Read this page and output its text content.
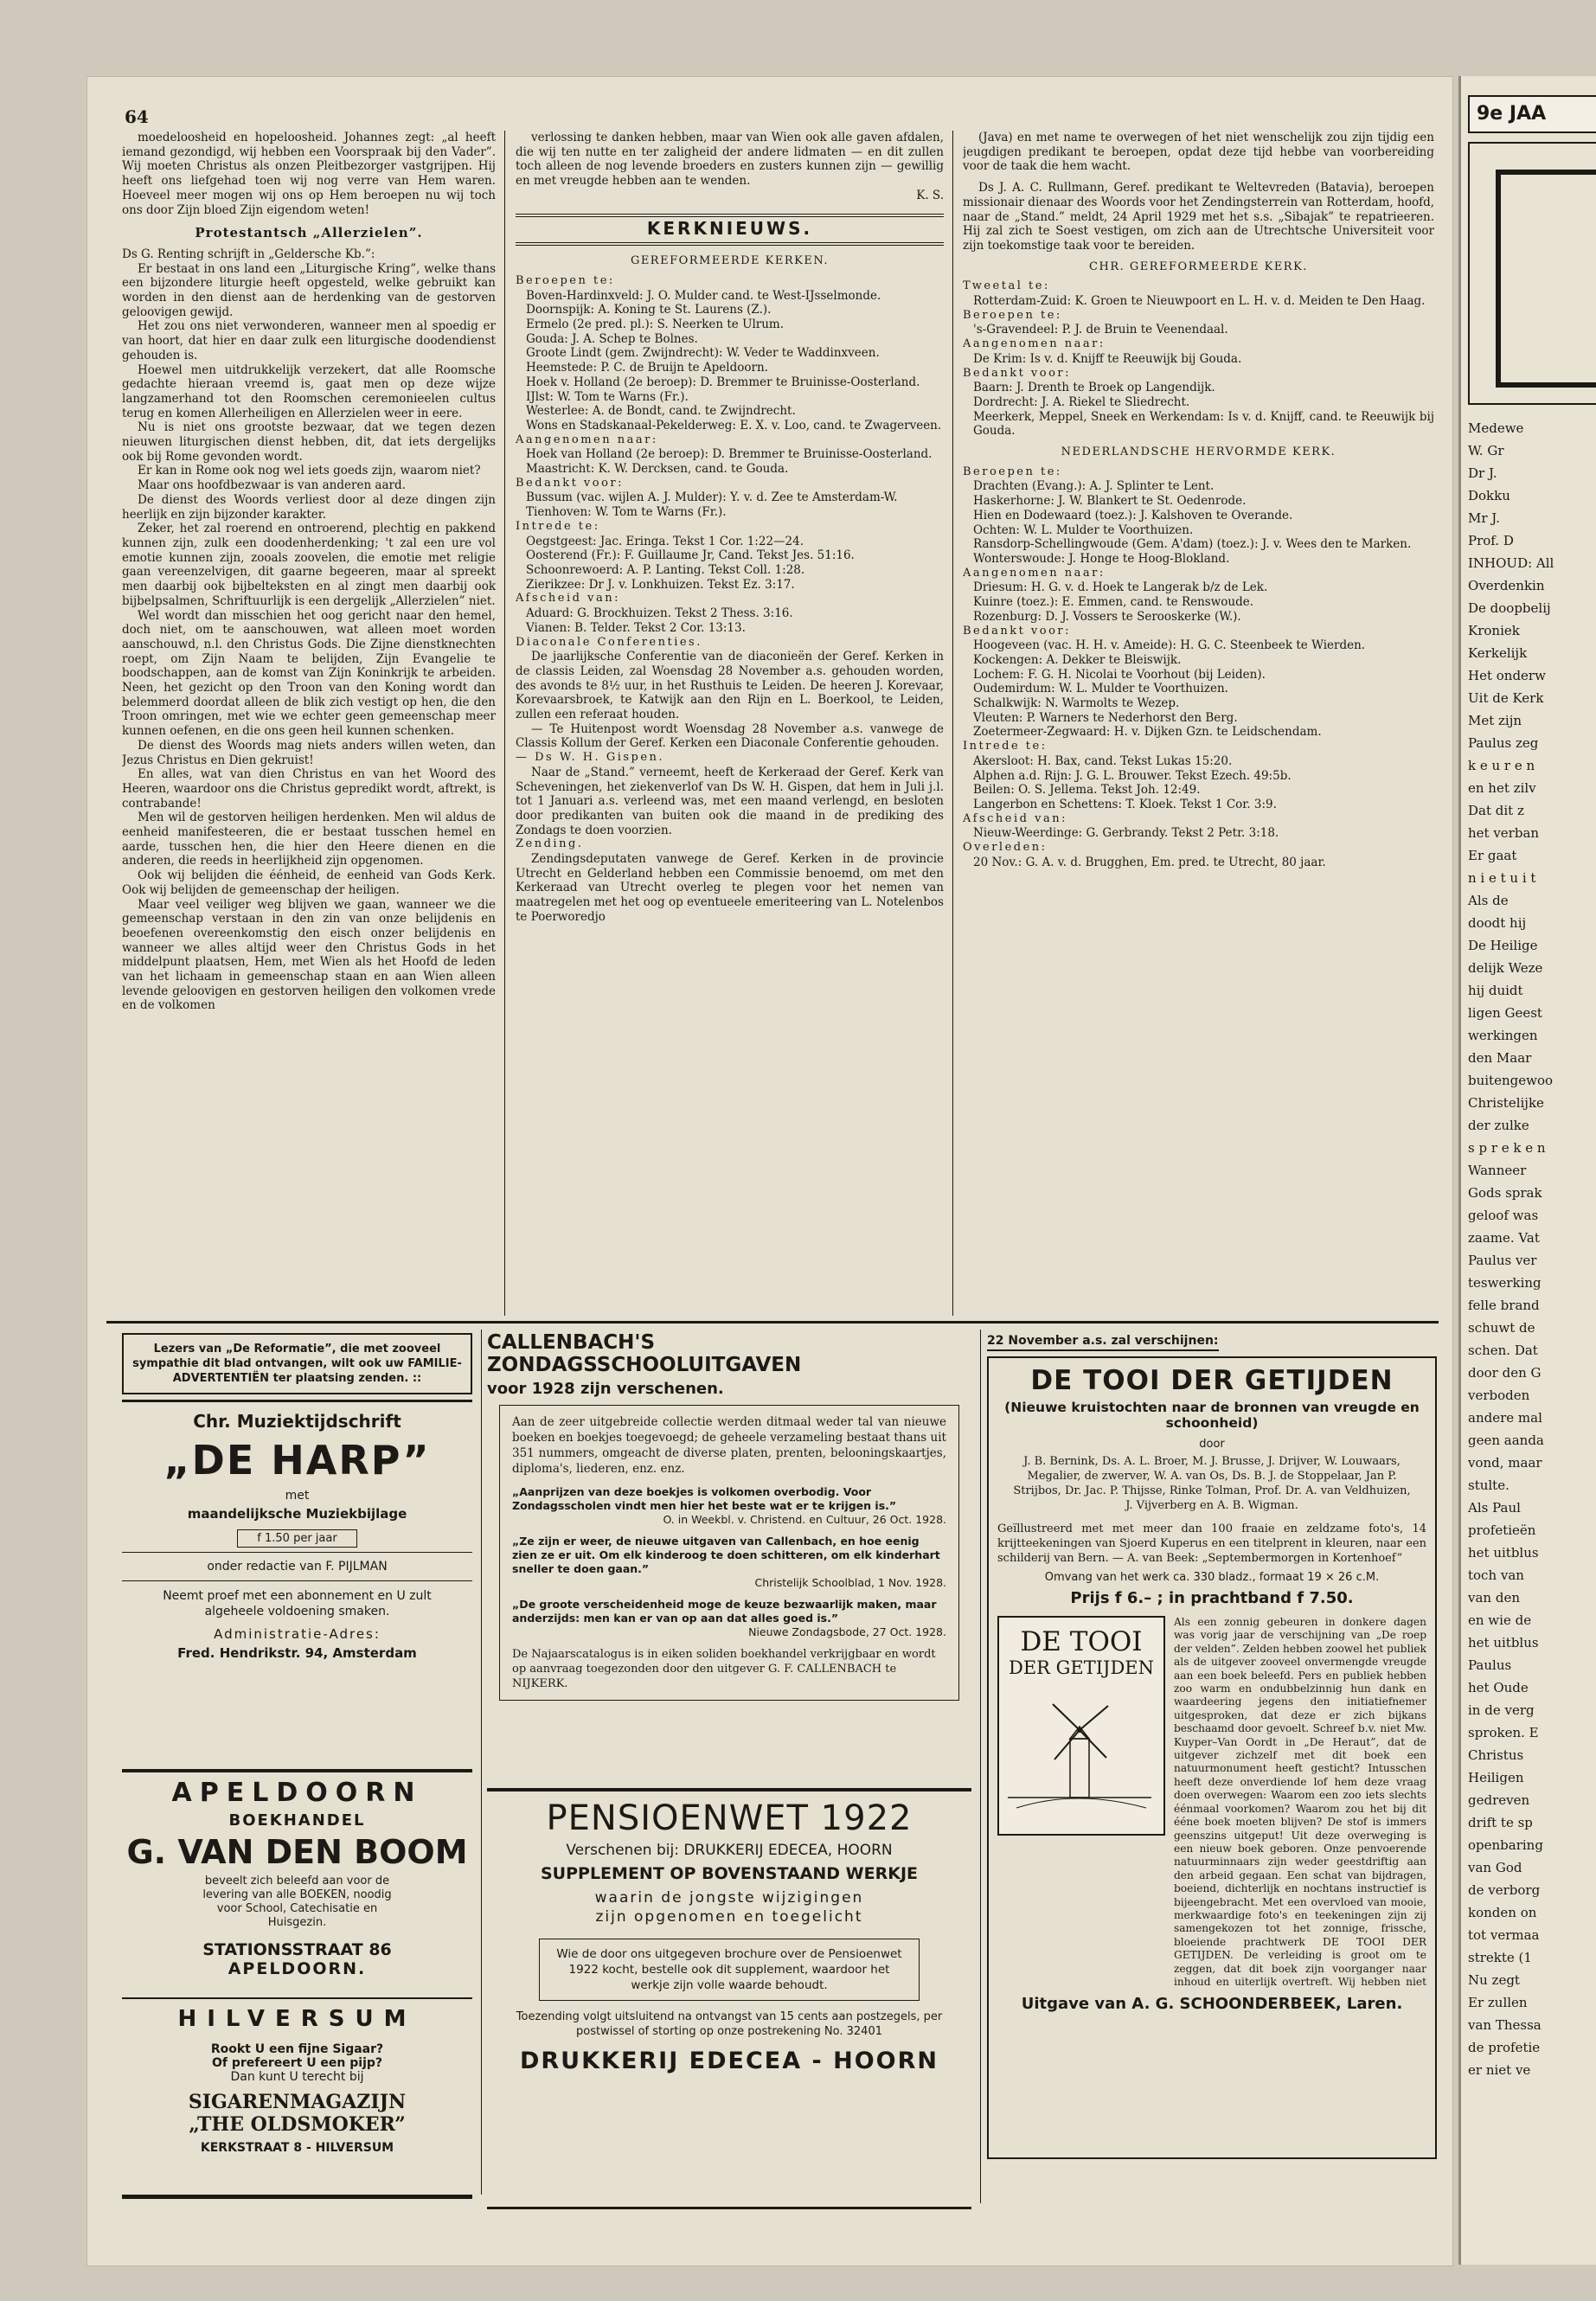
64

moedeloosheid en hopeloosheid. Johannes zegt: „al heeft iemand gezondigd, wij hebben een Voorspraak bij den Vader”. Wij moeten Christus als onzen Pleitbezorger vastgrijpen. Hij heeft ons liefgehad toen wij nog verre van Hem waren. Hoeveel meer mogen wij ons op Hem beroepen nu wij toch ons door Zijn bloed Zijn eigendom weten!

Protestantsch „Allerzielen”.

Ds G. Renting schrijft in „Geldersche Kb.”:

Er bestaat in ons land een „Liturgische Kring”, welke thans een bijzondere liturgie heeft opgesteld, welke gebruikt kan worden in den dienst aan de herdenking van de gestorven geloovigen gewijd.

Het zou ons niet verwonderen, wanneer men al spoedig er van hoort, dat hier en daar zulk een liturgische doodendienst gehouden is.

Hoewel men uitdrukkelijk verzekert, dat alle Roomsche gedachte hieraan vreemd is, gaat men op deze wijze langzamerhand tot den Roomschen ceremonieelen cultus terug en komen Allerheiligen en Allerzielen weer in eere.

Nu is niet ons grootste bezwaar, dat we tegen dezen nieuwen liturgischen dienst hebben, dit, dat iets dergelijks ook bij Rome gevonden wordt.

Er kan in Rome ook nog wel iets goeds zijn, waarom niet?

Maar ons hoofdbezwaar is van anderen aard.

De dienst des Woords verliest door al deze dingen zijn heerlijk en zijn bijzonder karakter.

Zeker, het zal roerend en ontroerend, plechtig en pakkend kunnen zijn, zulk een doodenherdenking; 't zal een ure vol emotie kunnen zijn, zooals zoovelen, die emotie met religie gaan vereenzelvigen, dit gaarne begeeren, maar al spreekt men daarbij ook bijbelteksten en al zingt men daarbij ook bijbelpsalmen, Schriftuurlijk is een dergelijk „Allerzielen” niet.

Wel wordt dan misschien het oog gericht naar den hemel, doch niet, om te aanschouwen, wat alleen moet worden aanschouwd, n.l. den Christus Gods. Die Zijne dienstknechten roept, om Zijn Naam te belijden, Zijn Evangelie te boodschappen, aan de komst van Zijn Koninkrijk te arbeiden. Neen, het gezicht op den Troon van den Koning wordt dan belemmerd doordat alleen de blik zich vestigt op hen, die den Troon omringen, met wie we echter geen gemeenschap meer kunnen oefenen, en die ons geen heil kunnen schenken.

De dienst des Woords mag niets anders willen weten, dan Jezus Christus en Dien gekruist!

En alles, wat van dien Christus en van het Woord des Heeren, waardoor ons die Christus gepredikt wordt, aftrekt, is contrabande!

Men wil de gestorven heiligen herdenken. Men wil aldus de eenheid manifesteeren, die er bestaat tusschen hemel en aarde, tusschen hen, die hier den Heere dienen en die anderen, die reeds in heerlijkheid zijn opgenomen.

Ook wij belijden die éénheid, de eenheid van Gods Kerk. Ook wij belijden de gemeenschap der heiligen.

Maar veel veiliger weg blijven we gaan, wanneer we die gemeenschap verstaan in den zin van onze belijdenis en beoefenen overeenkomstig den eisch onzer belijdenis en wanneer we alles altijd weer den Christus Gods in het middelpunt plaatsen, Hem, met Wien als het Hoofd de leden van het lichaam in gemeenschap staan en aan Wien alleen levende geloovigen en gestorven heiligen den volkomen vrede en de volkomen

verlossing te danken hebben, maar van Wien ook alle gaven afdalen, die wij ten nutte en ter zaligheid der andere lidmaten — en dit zullen toch alleen de nog levende broeders en zusters kunnen zijn — gewillig en met vreugde hebben aan te wenden.

K. S.

KERKNIEUWS.
GEREFORMEERDE KERKEN.

Beroepen te:

Boven-Hardinxveld: J. O. Mulder cand. te West-IJsselmonde.

Doornspijk: A. Koning te St. Laurens (Z.).

Ermelo (2e pred. pl.): S. Neerken te Ulrum.

Gouda: J. A. Schep te Bolnes.

Groote Lindt (gem. Zwijndrecht): W. Veder te Waddinxveen.

Heemstede: P. C. de Bruijn te Apeldoorn.

Hoek v. Holland (2e beroep): D. Bremmer te Bruinisse-Oosterland.

IJlst: W. Tom te Warns (Fr.).

Westerlee: A. de Bondt, cand. te Zwijndrecht.

Wons en Stadskanaal-Pekelderweg: E. X. v. Loo, cand. te Zwagerveen.

Aangenomen naar:

Hoek van Holland (2e beroep): D. Bremmer te Bruinisse-Oosterland.

Maastricht: K. W. Dercksen, cand. te Gouda.

Bedankt voor:

Bussum (vac. wijlen A. J. Mulder): Y. v. d. Zee te Amsterdam-W.

Tienhoven: W. Tom te Warns (Fr.).

Intrede te:

Oegstgeest: Jac. Eringa. Tekst 1 Cor. 1:22—24.

Oosterend (Fr.): F. Guillaume Jr, Cand. Tekst Jes. 51:16.

Schoonrewoerd: A. P. Lanting. Tekst Coll. 1:28.

Zierikzee: Dr J. v. Lonkhuizen. Tekst Ez. 3:17.

Afscheid van:

Aduard: G. Brockhuizen. Tekst 2 Thess. 3:16.

Vianen: B. Telder. Tekst 2 Cor. 13:13.

Diaconale Conferenties.

De jaarlijksche Conferentie van de diaconieën der Geref. Kerken in de classis Leiden, zal Woensdag 28 November a.s. gehouden worden, des avonds te 8½ uur, in het Rusthuis te Leiden. De heeren J. Korevaar, Korevaarsbroek, te Katwijk aan den Rijn en L. Boerkool, te Leiden, zullen een referaat houden.

— Te Huitenpost wordt Woensdag 28 November a.s. vanwege de Classis Kollum der Geref. Kerken een Diaconale Conferentie gehouden.

— Ds W. H. Gispen.

Naar de „Stand.” verneemt, heeft de Kerkeraad der Geref. Kerk van Scheveningen, het ziekenverlof van Ds W. H. Gispen, dat hem in Juli j.l. tot 1 Januari a.s. verleend was, met een maand verlengd, en besloten door predikanten van buiten ook die maand in de prediking des Zondags te doen voorzien.

Zending.

Zendingsdeputaten vanwege de Geref. Kerken in de provincie Utrecht en Gelderland hebben een Commissie benoemd, om met den Kerkeraad van Utrecht overleg te plegen voor het nemen van maatregelen met het oog op eventueele emeriteering van L. Notelenbos te Poerworedjo

(Java) en met name te overwegen of het niet wenschelijk zou zijn tijdig een jeugdigen predikant te beroepen, opdat deze tijd hebbe van voorbereiding voor de taak die hem wacht.

Ds J. A. C. Rullmann, Geref. predikant te Weltevreden (Batavia), beroepen missionair dienaar des Woords voor het Zendingsterrein van Rotterdam, hoofd, naar de „Stand.” meldt, 24 April 1929 met het s.s. „Sibajak” te repatrieeren. Hij zal zich te Soest vestigen, om zich aan de Utrechtsche Universiteit voor zijn toekomstige taak voor te bereiden.

CHR. GEREFORMEERDE KERK.

Tweetal te:

Rotterdam-Zuid: K. Groen te Nieuwpoort en L. H. v. d. Meiden te Den Haag.

Beroepen te:

's-Gravendeel: P. J. de Bruin te Veenendaal.

Aangenomen naar:

De Krim: Is v. d. Knijff te Reeuwijk bij Gouda.

Bedankt voor:

Baarn: J. Drenth te Broek op Langendijk.

Dordrecht: J. A. Riekel te Sliedrecht.

Meerkerk, Meppel, Sneek en Werkendam: Is v. d. Knijff, cand. te Reeuwijk bij Gouda.

NEDERLANDSCHE HERVORMDE KERK.

Beroepen te:

Drachten (Evang.): A. J. Splinter te Lent.

Haskerhorne: J. W. Blankert te St. Oedenrode.

Hien en Dodewaard (toez.): J. Kalshoven te Overande.

Ochten: W. L. Mulder te Voorthuizen.

Ransdorp-Schellingwoude (Gem. A'dam) (toez.): J. v. Wees den te Marken.

Wonterswoude: J. Honge te Hoog-Blokland.

Aangenomen naar:

Driesum: H. G. v. d. Hoek te Langerak b/z de Lek.

Kuinre (toez.): E. Emmen, cand. te Renswoude.

Rozenburg: D. J. Vossers te Serooskerke (W.).

Bedankt voor:

Hoogeveen (vac. H. H. v. Ameide): H. G. C. Steenbeek te Wierden.

Kockengen: A. Dekker te Bleiswijk.

Lochem: F. G. H. Nicolai te Voorhout (bij Leiden).

Oudemirdum: W. L. Mulder te Voorthuizen.

Schalkwijk: N. Warmolts te Wezep.

Vleuten: P. Warners te Nederhorst den Berg.

Zoetermeer-Zegwaard: H. v. Dijken Gzn. te Leidschendam.

Intrede te:

Akersloot: H. Bax, cand. Tekst Lukas 15:20.

Alphen a.d. Rijn: J. G. L. Brouwer. Tekst Ezech. 49:5b.

Beilen: O. S. Jellema. Tekst Joh. 12:49.

Langerbon en Schettens: T. Kloek. Tekst 1 Cor. 3:9.

Afscheid van:

Nieuw-Weerdinge: G. Gerbrandy. Tekst 2 Petr. 3:18.

Overleden:

20 Nov.: G. A. v. d. Brugghen, Em. pred. te Utrecht, 80 jaar.

Lezers van „De Reformatie”, die met zooveel sympathie dit blad ontvangen, wilt ook uw FAMILIE-ADVERTENTIËN ter plaatsing zenden. ::
Chr. Muziektijdschrift
„DE HARP”
met
maandelijksche Muziekbijlage
f 1.50 per jaar
onder redactie van F. PIJLMAN
Neemt proef met een abonnement en U zult algeheele voldoening smaken.
Administratie-Adres:
Fred. Hendrikstr. 94, Amsterdam
APELDOORN
BOEKHANDEL
G. VAN DEN BOOM
beveelt zich beleefd aan voor de levering van alle BOEKEN, noodig voor School, Catechisatie en Huisgezin.
STATIONSSTRAAT 86
APELDOORN.
HILVERSUM
Rookt U een fijne Sigaar?
Of prefereert U een pijp?
Dan kunt U terecht bij
SIGARENMAGAZIJN
„THE OLDSMOKER”
KERKSTRAAT 8 - HILVERSUM
CALLENBACH'S ZONDAGSSCHOOLUITGAVEN
voor 1928 zijn verschenen.
Aan de zeer uitgebreide collectie werden ditmaal weder tal van nieuwe boeken en boekjes toegevoegd; de geheele verzameling bestaat thans uit 351 nummers, omgeacht de diverse platen, prenten, belooningskaartjes, diploma's, liederen, enz. enz.
„Aanprijzen van deze boekjes is volkomen overbodig. Voor Zondagsscholen vindt men hier het beste wat er te krijgen is.”
O. in Weekbl. v. Christend. en Cultuur, 26 Oct. 1928.
„Ze zijn er weer, de nieuwe uitgaven van Callenbach, en hoe eenig zien ze er uit. Om elk kinderoog te doen schitteren, om elk kinderhart sneller te doen gaan.”
Christelijk Schoolblad, 1 Nov. 1928.
„De groote verscheidenheid moge de keuze bezwaarlijk maken, maar anderzijds: men kan er van op aan dat alles goed is.”
Nieuwe Zondagsbode, 27 Oct. 1928.
De Najaarscatalogus is in eiken soliden boekhandel verkrijgbaar en wordt op aanvraag toegezonden door den uitgever G. F. CALLENBACH te NIJKERK.
PENSIOENWET 1922
Verschenen bij: DRUKKERIJ EDECEA, HOORN
SUPPLEMENT OP BOVENSTAAND WERKJE
waarin de jongste wijzigingen zijn opgenomen en toegelicht
Wie de door ons uitgegeven brochure over de Pensioenwet 1922 kocht, bestelle ook dit supplement, waardoor het werkje zijn volle waarde behoudt.
Toezending volgt uitsluitend na ontvangst van 15 cents aan postzegels, per postwissel of storting op onze postrekening No. 32401
DRUKKERIJ EDECEA - HOORN
22 November a.s. zal verschijnen:
DE TOOI DER GETIJDEN
(Nieuwe kruistochten naar de bronnen van vreugde en schoonheid)
door
J. B. Bernink, Ds. A. L. Broer, M. J. Brusse, J. Drijver, W. Louwaars, Megalier, de zwerver, W. A. van Os, Ds. B. J. de Stoppelaar, Jan P. Strijbos, Dr. Jac. P. Thijsse, Rinke Tolman, Prof. Dr. A. van Veldhuizen, J. Vijverberg en A. B. Wigman.
Geïllustreerd met met meer dan 100 fraaie en zeldzame foto's, 14 krijtteekeningen van Sjoerd Kuperus en een titelprent in kleuren, naar een schilderij van Bern. — A. van Beek: „Septembermorgen in Kortenhoef”
Omvang van het werk ca. 330 bladz., formaat 19 × 26 c.M.
Prijs f 6.– ; in prachtband f 7.50.
DE TOOI
DER GETIJDEN
Als een zonnig gebeuren in donkere dagen was vorig jaar de verschijning van „De roep der velden”. Zelden hebben zoowel het publiek als de uitgever zooveel onvermengde vreugde aan een boek beleefd. Pers en publiek hebben zoo warm en ondubbelzinnig hun dank en waardeering jegens den initiatiefnemer uitgesproken, dat deze er zich bijkans beschaamd door gevoelt. Schreef b.v. niet Mw. Kuyper–Van Oordt in „De Heraut”, dat de uitgever zichzelf met dit boek een natuurmonument heeft gesticht? Intusschen heeft deze onverdiende lof hem deze vraag doen overwegen: Waarom een zoo iets slechts éénmaal voorkomen? Waarom zou het bij dit ééne boek moeten blijven? De stof is immers geenszins uitgeput! Uit deze overweging is een nieuw boek geboren. Onze penvoerende natuurminnaars zijn weder geestdriftig aan den arbeid gegaan. Een schat van bijdragen, boeiend, dichterlijk en nochtans instructief is bijeengebracht. Met een overvloed van mooie, merkwaardige foto's en teekeningen zijn zij samengekozen tot het zonnige, frissche, bloeiende prachtwerk DE TOOI DER GETIJDEN. De verleiding is groot om te zeggen, dat dit boek zijn voorganger naar inhoud en uiterlijk overtreft. Wij hebben niet
Uitgave van A. G. SCHOONDERBEEK, Laren.
9e JAA
Medewe
W. Gr
Dr J.
Dokku
Mr J.
Prof. D
INHOUD: All
Overdenkin
De doopbelij
Kroniek
Kerkelijk
Het onderw
Uit de Kerk
Met zijn
Paulus zeg
k e u r e n
en het zilv
Dat dit z
het verban
Er gaat
n i e t u i t
Als de
doodt hij
De Heilige
delijk Weze
hij duidt
ligen Geest
werkingen
den Maar
buitengewoo
Christelijke
der zulke
s p r e k e n
Wanneer
Gods sprak
geloof was
zaame. Vat
Paulus ver
teswerking
felle brand
schuwt de
schen. Dat
door den G
verboden
andere mal
geen aanda
vond, maar
stulte.
Als Paul
profetieën
het uitblus
toch van
van den
en wie de
het uitblus
Paulus
het Oude
in de verg
sproken. E
Christus
Heiligen
gedreven
drift te sp
openbaring
van God
de verborg
konden on
tot vermaa
strekte (1
Nu zegt
Er zullen
van Thessa
de profetie
er niet ve
